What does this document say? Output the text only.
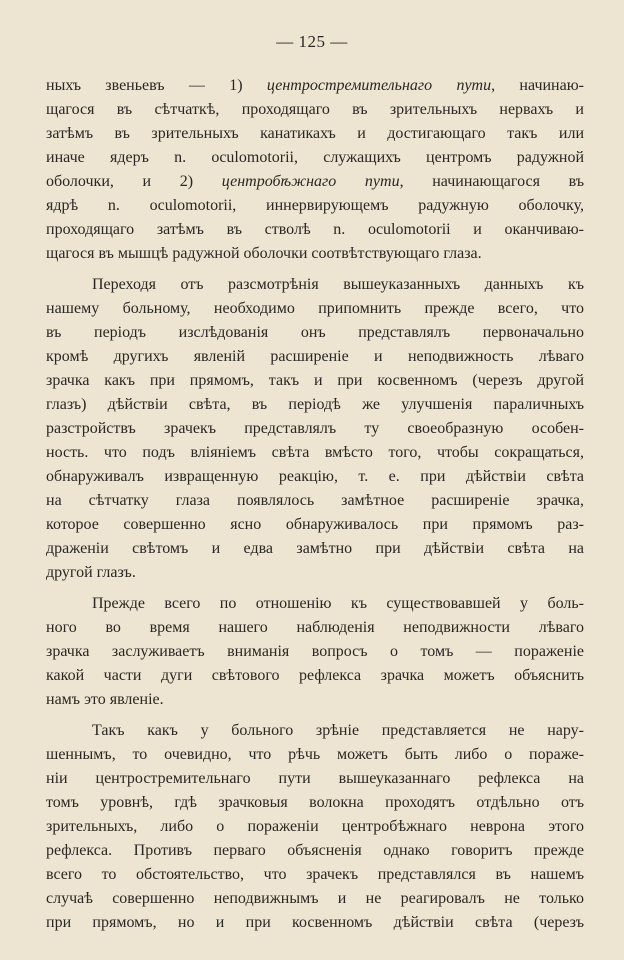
— 125 —
ныхъ звеньевъ — 1) центростремительнаго пути, начинаю-
щагося въ сѣтчаткѣ, проходящаго въ зрительныхъ нервахъ и
затѣмъ въ зрительныхъ канатикахъ и достигающаго такъ или
иначе ядеръ n. oculomotorii, служащихъ центромъ радужной
оболочки, и 2) центробѣжнаго пути, начинающагося въ
ядрѣ n. oculomotorii, иннервирующемъ радужную оболочку,
проходящаго затѣмъ въ стволѣ n. oculomotorii и оканчиваю-
щагося въ мышцѣ радужной оболочки соотвѣтствующаго глаза.
Переходя отъ разсмотрѣнія вышеуказанныхъ данныхъ къ
нашему больному, необходимо припомнить прежде всего, что
въ періодъ изслѣдованія онъ представлялъ первоначально
кромѣ другихъ явленій расширеніе и неподвижность лѣваго
зрачка какъ при прямомъ, такъ и при косвенномъ (черезъ другой
глазъ) дѣйствіи свѣта, въ періодѣ же улучшенія параличныхъ
разстройствъ зрачекъ представлялъ ту своеобразную особен-
ность. что подъ вліяніемъ свѣта вмѣсто того, чтобы сокращаться,
обнаруживалъ извращенную реакцію, т. е. при дѣйствіи свѣта
на сѣтчатку глаза появлялось замѣтное расширеніе зрачка,
которое совершенно ясно обнаруживалось при прямомъ раз-
драженіи свѣтомъ и едва замѣтно при дѣйствіи свѣта на
другой глазъ.
Прежде всего по отношенію къ существовавшей у боль-
ного во время нашего наблюденія неподвижности лѣваго
зрачка заслуживаетъ вниманія вопросъ о томъ — пораженіе
какой части дуги свѣтового рефлекса зрачка можетъ объяснить
намъ это явленіе.
Такъ какъ у больного зрѣніе представляется не нару-
шеннымъ, то очевидно, что рѣчь можетъ быть либо о пораже-
ніи центростремительнаго пути вышеуказаннаго рефлекса на
томъ уровнѣ, гдѣ зрачковыя волокна проходятъ отдѣльно отъ
зрительныхъ, либо о пораженіи центробѣжнаго неврона этого
рефлекса. Противъ перваго объясненія однако говоритъ прежде
всего то обстоятельство, что зрачекъ представлялся въ нашемъ
случаѣ совершенно неподвижнымъ и не реагировалъ не только
при прямомъ, но и при косвенномъ дѣйствіи свѣта (черезъ
